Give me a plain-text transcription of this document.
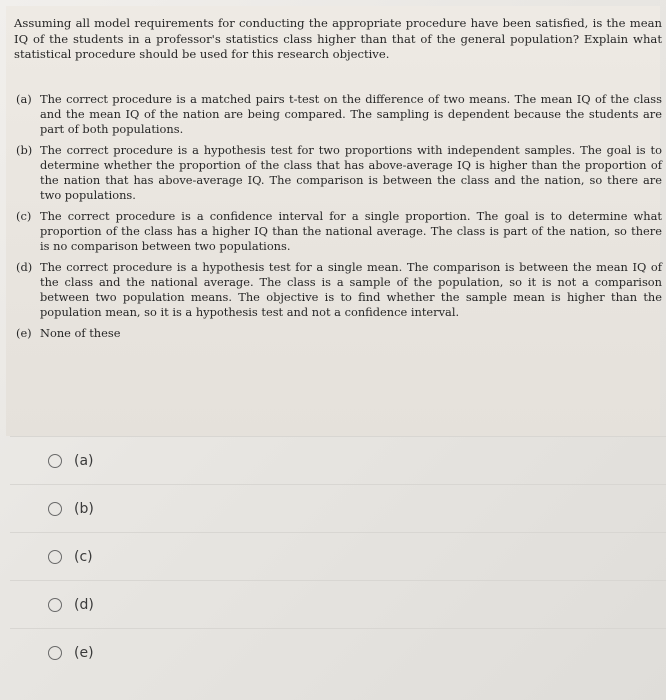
Assuming all model requirements for conducting the appropriate procedure have been satisfied, is the mean IQ of the students in a professor's statistics class higher than that of the general population? Explain what statistical procedure should be used for this research objective.
(a) The correct procedure is a matched pairs t-test on the difference of two means. The mean IQ of the class and the mean IQ of the nation are being compared. The sampling is dependent because the students are part of both populations.
(b) The correct procedure is a hypothesis test for two proportions with independent samples. The goal is to determine whether the proportion of the class that has above-average IQ is higher than the proportion of the nation that has above-average IQ. The comparison is between the class and the nation, so there are two populations.
(c) The correct procedure is a confidence interval for a single proportion. The goal is to determine what proportion of the class has a higher IQ than the national average. The class is part of the nation, so there is no comparison between two populations.
(d) The correct procedure is a hypothesis test for a single mean. The comparison is between the mean IQ of the class and the national average. The class is a sample of the population, so it is not a comparison between two population means. The objective is to find whether the sample mean is higher than the population mean, so it is a hypothesis test and not a confidence interval.
(e) None of these
(a)
(b)
(c)
(d)
(e)
